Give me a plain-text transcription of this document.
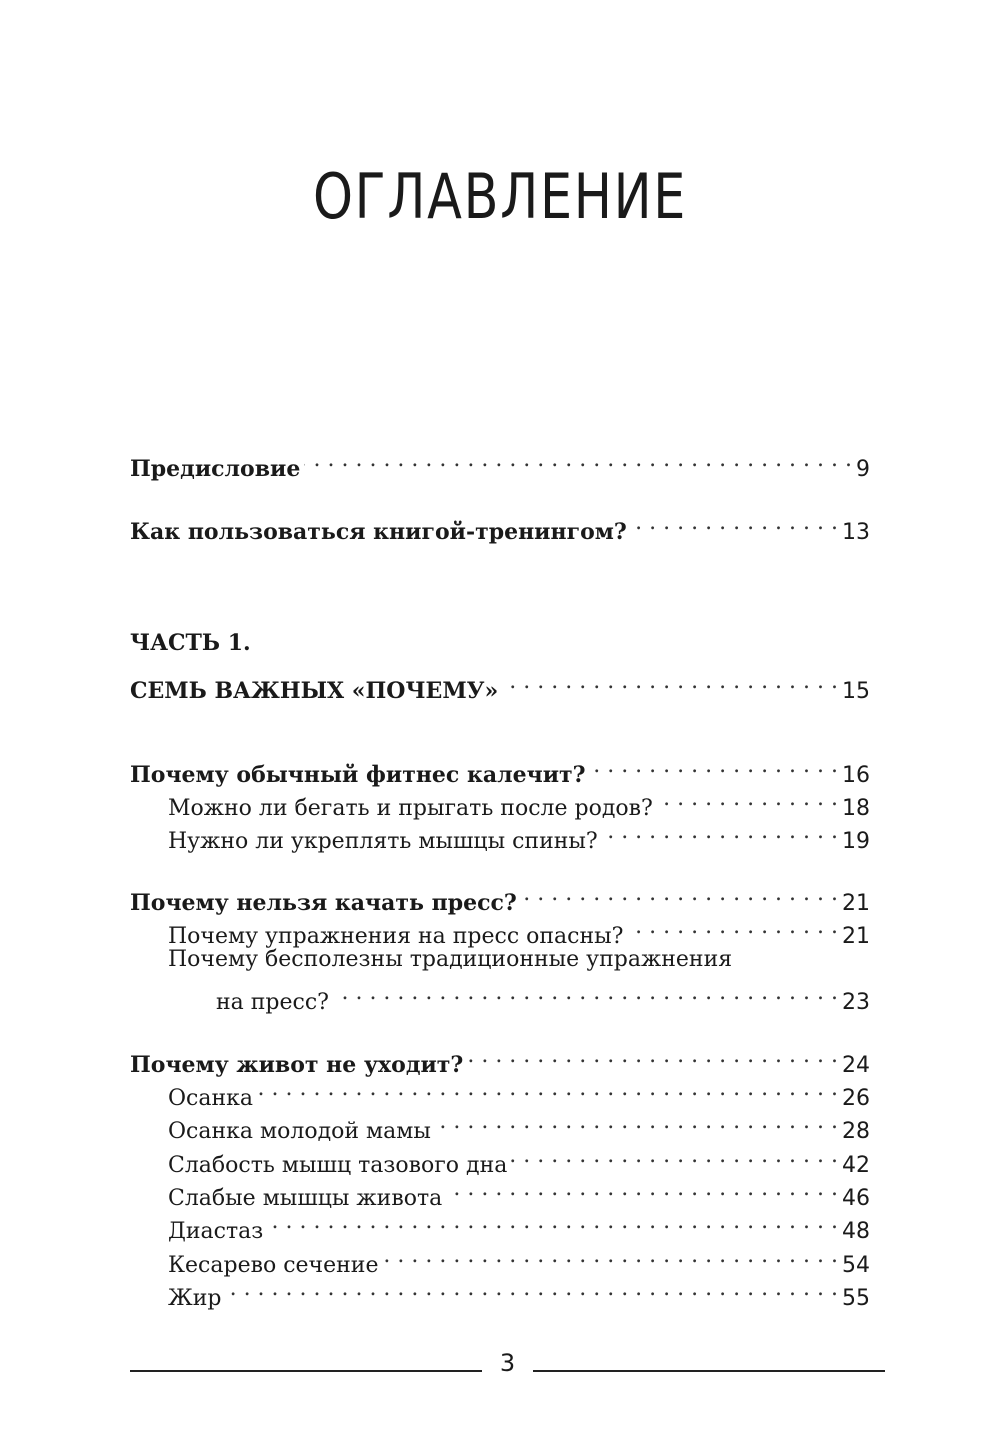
ОГЛАВЛЕНИЕ
Предисловие . . .	9
Как пользоваться книгой-тренингом? . . .	13
ЧАСТЬ 1.
СЕМЬ ВАЖНЫХ «ПОЧЕМУ» . . .	15
Почему обычный фитнес калечит? . . .	16
Можно ли бегать и прыгать после родов? . . .	18
Нужно ли укреплять мышцы спины? . . .	19
Почему нельзя качать пресс? . . .	21
Почему упражнения на пресс опасны? . . .	21
Почему бесполезны традиционные упражнения
на пресс? . . .	23
Почему живот не уходит? . . .	24
Осанка . . .	26
Осанка молодой мамы . . .	28
Слабость мышц тазового дна . . .	42
Слабые мышцы живота . . .	46
Диастаз . . .	48
Кесарево сечение . . .	54
Жир . . .	55
3
